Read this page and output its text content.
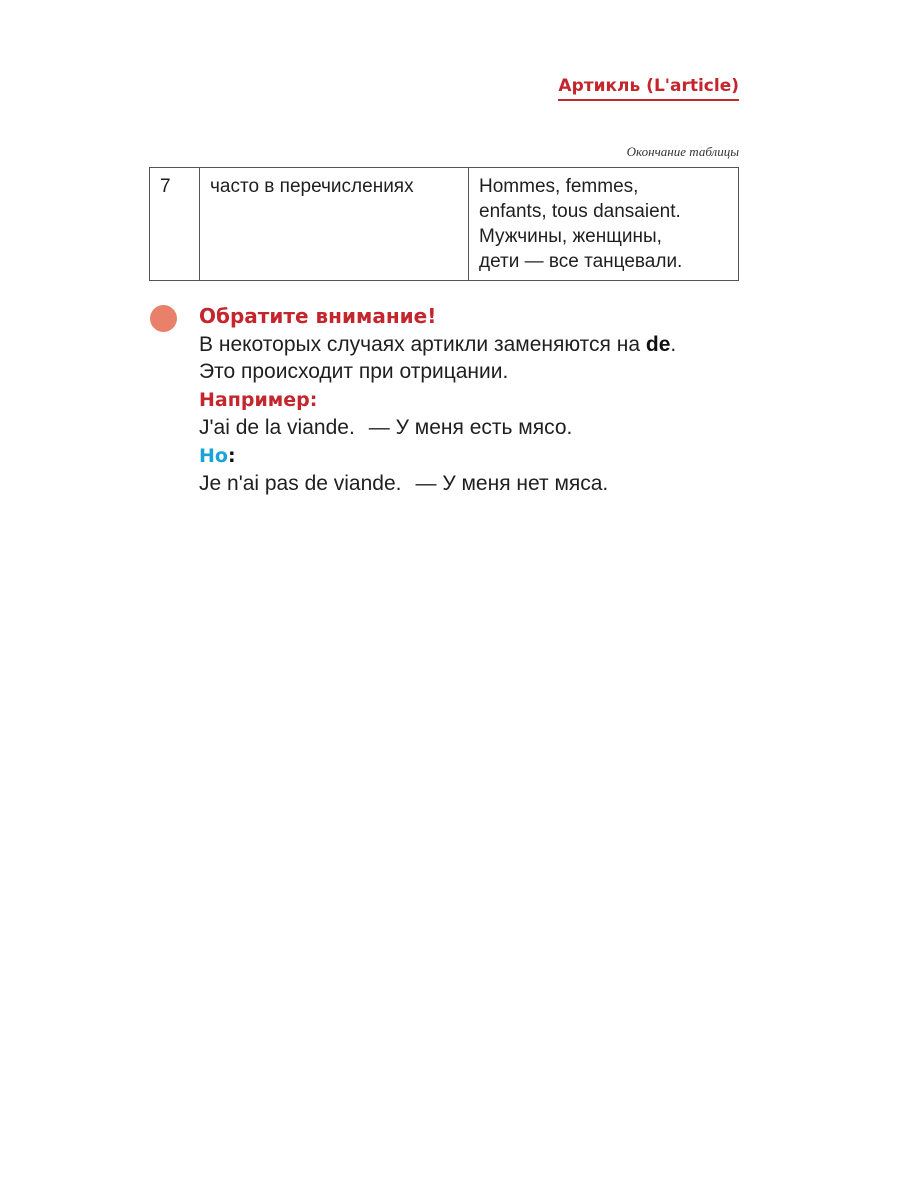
Артикль (L'article)
Окончание таблицы
7	часто в перечислениях	Hommes, femmes,
enfants, tous dansaient.
Мужчины, женщины,
дети — все танцевали.
Обратите внимание!
В некоторых случаях артикли заменяются на de.
Это происходит при отрицании.
Например:
J'ai de la viande. — У меня есть мясо.
Но:
Je n'ai pas de viande. — У меня нет мяса.
